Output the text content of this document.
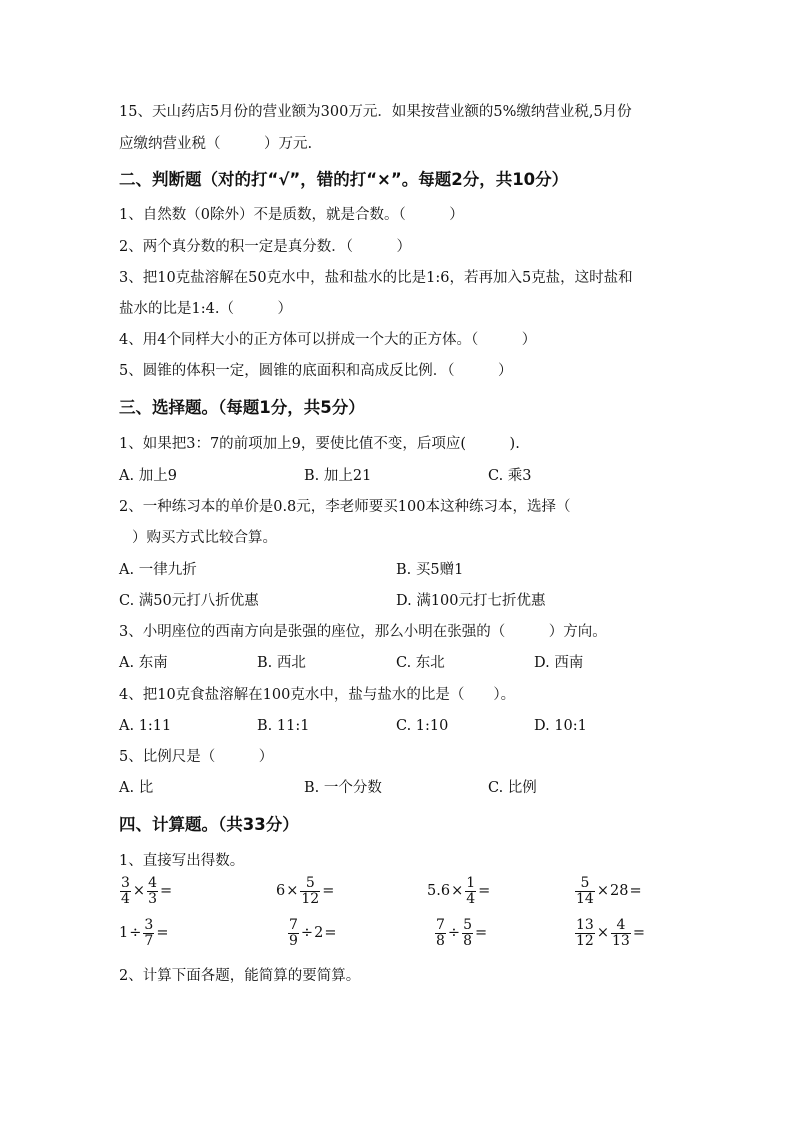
15、天山药店5月份的营业额为300万元．如果按营业额的5%缴纳营业税,5月份
应缴纳营业税（　　　）万元.
二、判断题（对的打“√”，错的打“×”。每题2分，共10分）
1、自然数（0除外）不是质数，就是合数。（　　　）
2、两个真分数的积一定是真分数．（　　　）
3、把10克盐溶解在50克水中，盐和盐水的比是1:6，若再加入5克盐，这时盐和
盐水的比是1:4.（　　　）
4、用4个同样大小的正方体可以拼成一个大的正方体。（　　　）
5、圆锥的体积一定，圆锥的底面积和高成反比例．（　　　）
三、选择题。（每题1分，共5分）
1、如果把3：7的前项加上9，要使比值不变，后项应(　　　).
A. 加上9	B. 加上21	C. 乘3
2、一种练习本的单价是0.8元，李老师要买100本这种练习本，选择（
）购买方式比较合算。
A. 一律九折	B. 买5赠1
C. 满50元打八折优惠	D. 满100元打七折优惠
3、小明座位的西南方向是张强的座位，那么小明在张强的（　　　）方向。
A. 东南	B. 西北	C. 东北	D. 西南
4、把10克食盐溶解在100克水中，盐与盐水的比是（　　）。
A. 1:11	B. 11:1	C. 1:10	D. 10:1
5、比例尺是（　　　）
A. 比	B. 一个分数	C. 比例
四、计算题。（共33分）
1、直接写出得数。
$\frac{3}{4} \times \frac{4}{3}$ =	$6 \times \frac{5}{12}$ =	$5.6 \times \frac{1}{4}$ =	$\frac{5}{14} \times 28$ =
$1 \div \frac{3}{7}$ =	$\frac{7}{9} \div 2$ =	$\frac{7}{8} \div \frac{5}{8}$ =	$\frac{13}{12} \times \frac{4}{13}$ =
2、计算下面各题，能简算的要简算。
